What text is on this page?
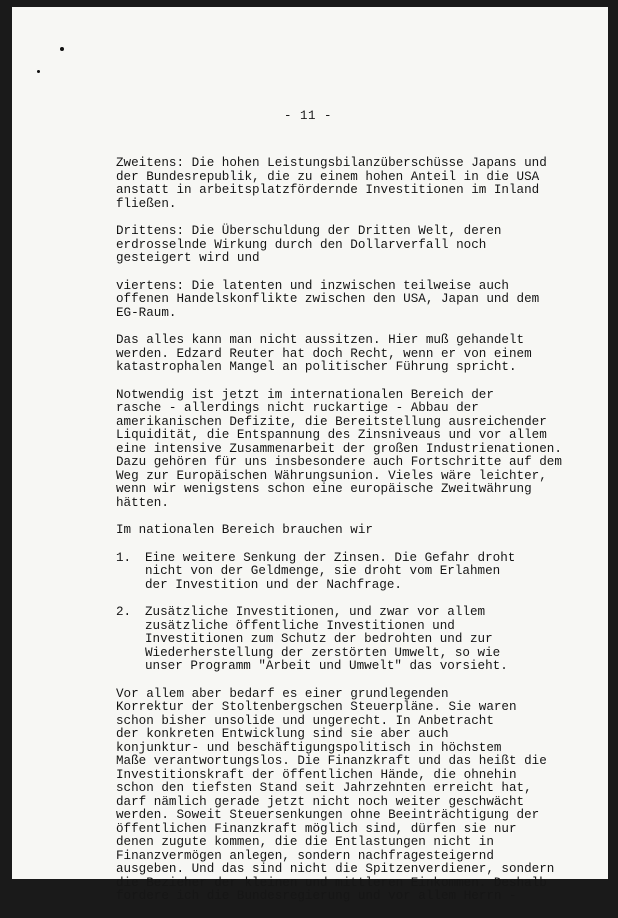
- 11 -
Zweitens: Die hohen Leistungsbilanzüberschüsse Japans und
der Bundesrepublik, die zu einem hohen Anteil in die USA
anstatt in arbeitsplatzfördernde Investitionen im Inland
fließen.
Drittens: Die Überschuldung der Dritten Welt, deren
erdrosselnde Wirkung durch den Dollarverfall noch
gesteigert wird und
viertens: Die latenten und inzwischen teilweise auch
offenen Handelskonflikte zwischen den USA, Japan und dem
EG-Raum.
Das alles kann man nicht aussitzen. Hier muß gehandelt
werden. Edzard Reuter hat doch Recht, wenn er von einem
katastrophalen Mangel an politischer Führung spricht.
Notwendig ist jetzt im internationalen Bereich der
rasche - allerdings nicht ruckartige - Abbau der
amerikanischen Defizite, die Bereitstellung ausreichender
Liquidität, die Entspannung des Zinsniveaus und vor allem
eine intensive Zusammenarbeit der großen Industrienationen.
Dazu gehören für uns insbesondere auch Fortschritte auf dem
Weg zur Europäischen Währungsunion. Vieles wäre leichter,
wenn wir wenigstens schon eine europäische Zweitwährung
hätten.
Im nationalen Bereich brauchen wir
1. Eine weitere Senkung der Zinsen. Die Gefahr droht
nicht von der Geldmenge, sie droht vom Erlahmen
der Investition und der Nachfrage.
2. Zusätzliche Investitionen, und zwar vor allem
zusätzliche öffentliche Investitionen und
Investitionen zum Schutz der bedrohten und zur
Wiederherstellung der zerstörten Umwelt, so wie
unser Programm "Arbeit und Umwelt" das vorsieht.
Vor allem aber bedarf es einer grundlegenden
Korrektur der Stoltenbergschen Steuerpläne. Sie waren
schon bisher unsolide und ungerecht. In Anbetracht
der konkreten Entwicklung sind sie aber auch
konjunktur- und beschäftigungspolitisch in höchstem
Maße verantwortungslos. Die Finanzkraft und das heißt die
Investitionskraft der öffentlichen Hände, die ohnehin
schon den tiefsten Stand seit Jahrzehnten erreicht hat,
darf nämlich gerade jetzt nicht noch weiter geschwächt
werden. Soweit Steuersenkungen ohne Beeinträchtigung der
öffentlichen Finanzkraft möglich sind, dürfen sie nur
denen zugute kommen, die die Entlastungen nicht in
Finanzvermögen anlegen, sondern nachfragesteigernd
ausgeben. Und das sind nicht die Spitzenverdiener, sondern
die Bezieher der kleinen und mittleren Einkommen. Deshalb
fordere ich die Bundesregierung und vor allem Herrn -
